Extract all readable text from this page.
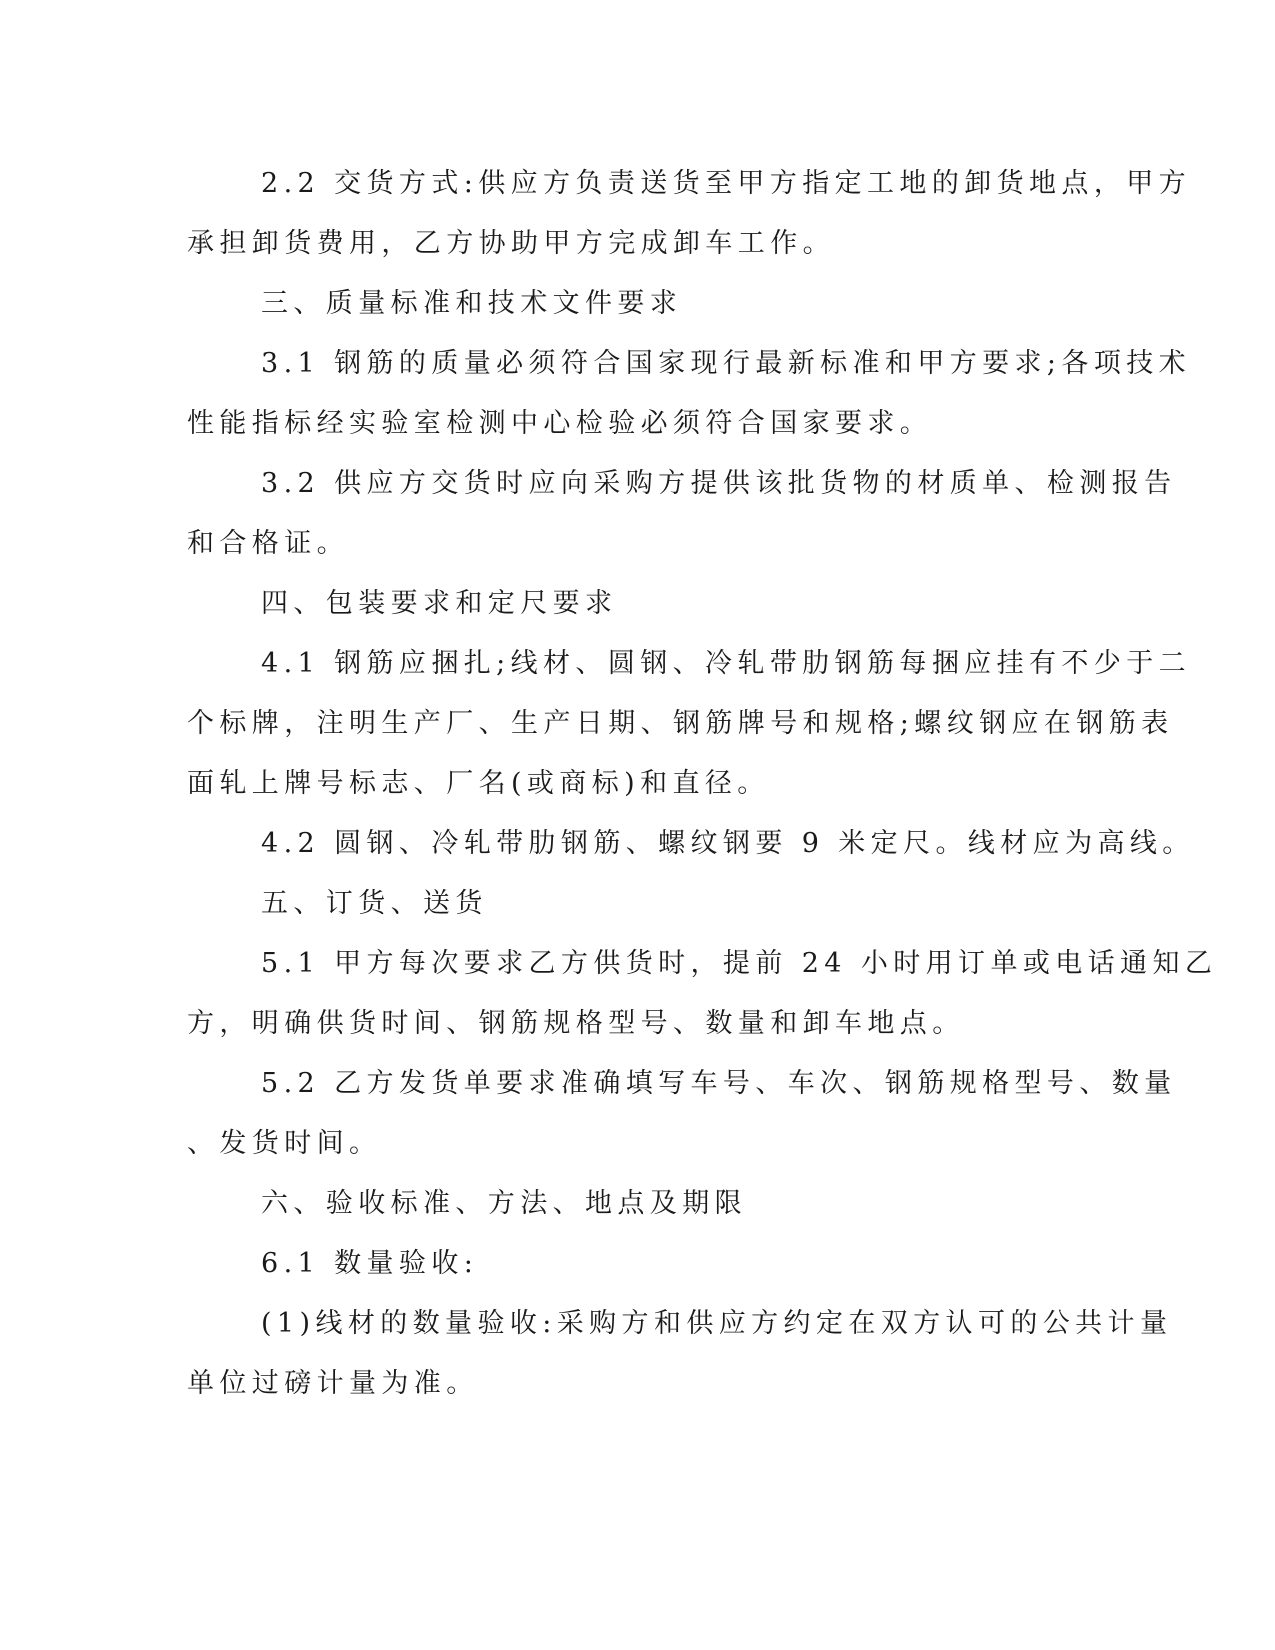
2.2 交货方式:供应方负责送货至甲方指定工地的卸货地点，甲方
承担卸货费用，乙方协助甲方完成卸车工作。
三、质量标准和技术文件要求
3.1 钢筋的质量必须符合国家现行最新标准和甲方要求;各项技术
性能指标经实验室检测中心检验必须符合国家要求。
3.2 供应方交货时应向采购方提供该批货物的材质单、检测报告
和合格证。
四、包装要求和定尺要求
4.1 钢筋应捆扎;线材、圆钢、冷轧带肋钢筋每捆应挂有不少于二
个标牌，注明生产厂、生产日期、钢筋牌号和规格;螺纹钢应在钢筋表
面轧上牌号标志、厂名(或商标)和直径。
4.2 圆钢、冷轧带肋钢筋、螺纹钢要 9 米定尺。线材应为高线。
五、订货、送货
5.1 甲方每次要求乙方供货时，提前 24 小时用订单或电话通知乙
方，明确供货时间、钢筋规格型号、数量和卸车地点。
5.2 乙方发货单要求准确填写车号、车次、钢筋规格型号、数量
、发货时间。
六、验收标准、方法、地点及期限
6.1 数量验收:
(1)线材的数量验收:采购方和供应方约定在双方认可的公共计量
单位过磅计量为准。
